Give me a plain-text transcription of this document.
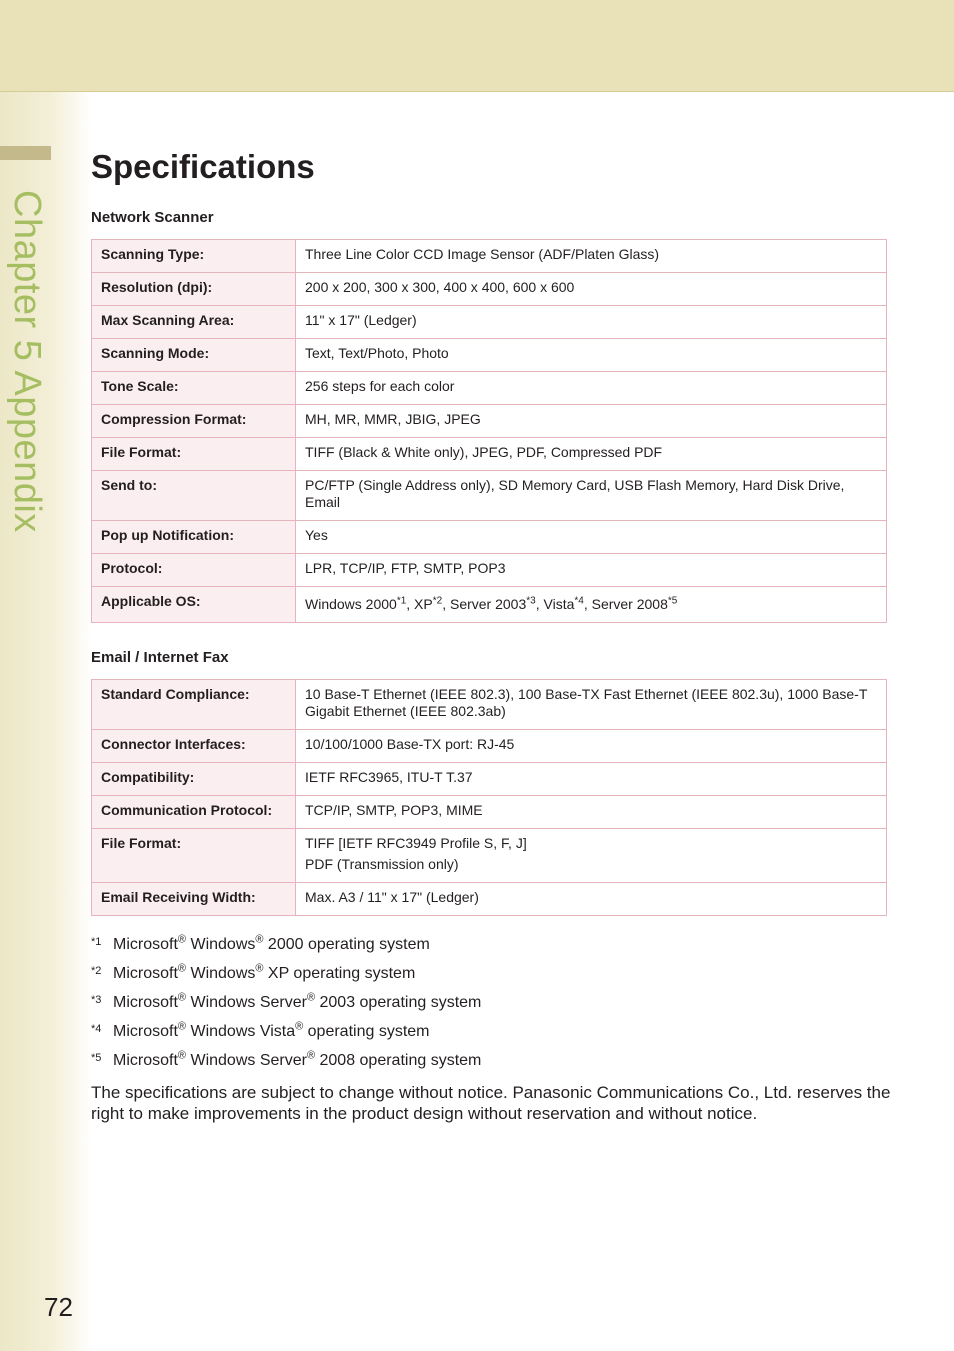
Chapter 5 Appendix
72
Specifications
Network Scanner
Scanning Type:	Three Line Color CCD Image Sensor (ADF/Platen Glass)
Resolution (dpi):	200 x 200, 300 x 300, 400 x 400, 600 x 600
Max Scanning Area:	11" x 17" (Ledger)
Scanning Mode:	Text, Text/Photo, Photo
Tone Scale:	256 steps for each color
Compression Format:	MH, MR, MMR, JBIG, JPEG
File Format:	TIFF (Black & White only), JPEG, PDF, Compressed PDF
Send to:	PC/FTP (Single Address only), SD Memory Card, USB Flash Memory, Hard Disk Drive, Email
Pop up Notification:	Yes
Protocol:	LPR, TCP/IP, FTP, SMTP, POP3
Applicable OS:	Windows 2000$^{*1}$, XP$^{*2}$, Server 2003$^{*3}$, Vista$^{*4}$, Server 2008$^{*5}$
Email / Internet Fax
Standard Compliance:	10 Base-T Ethernet (IEEE 802.3), 100 Base-TX Fast Ethernet (IEEE 802.3u), 1000 Base-T Gigabit Ethernet (IEEE 802.3ab)

Connector Interfaces:	10/100/1000 Base-TX port: RJ-45

Compatibility:	IETF RFC3965, ITU-T T.37

Communication Protocol:	TCP/IP, SMTP, POP3, MIME

File Format:	TIFF [IETF RFC3949 Profile S, F, J]
PDF (Transmission only)

Email Receiving Width:	Max. A3 / 11" x 17" (Ledger)
*1 Microsoft® Windows® 2000 operating system
*2 Microsoft® Windows® XP operating system
*3 Microsoft® Windows Server® 2003 operating system
*4 Microsoft® Windows Vista® operating system
*5 Microsoft® Windows Server® 2008 operating system

The specifications are subject to change without notice. Panasonic Communications Co., Ltd. reserves the right to make improvements in the product design without reservation and without notice.
